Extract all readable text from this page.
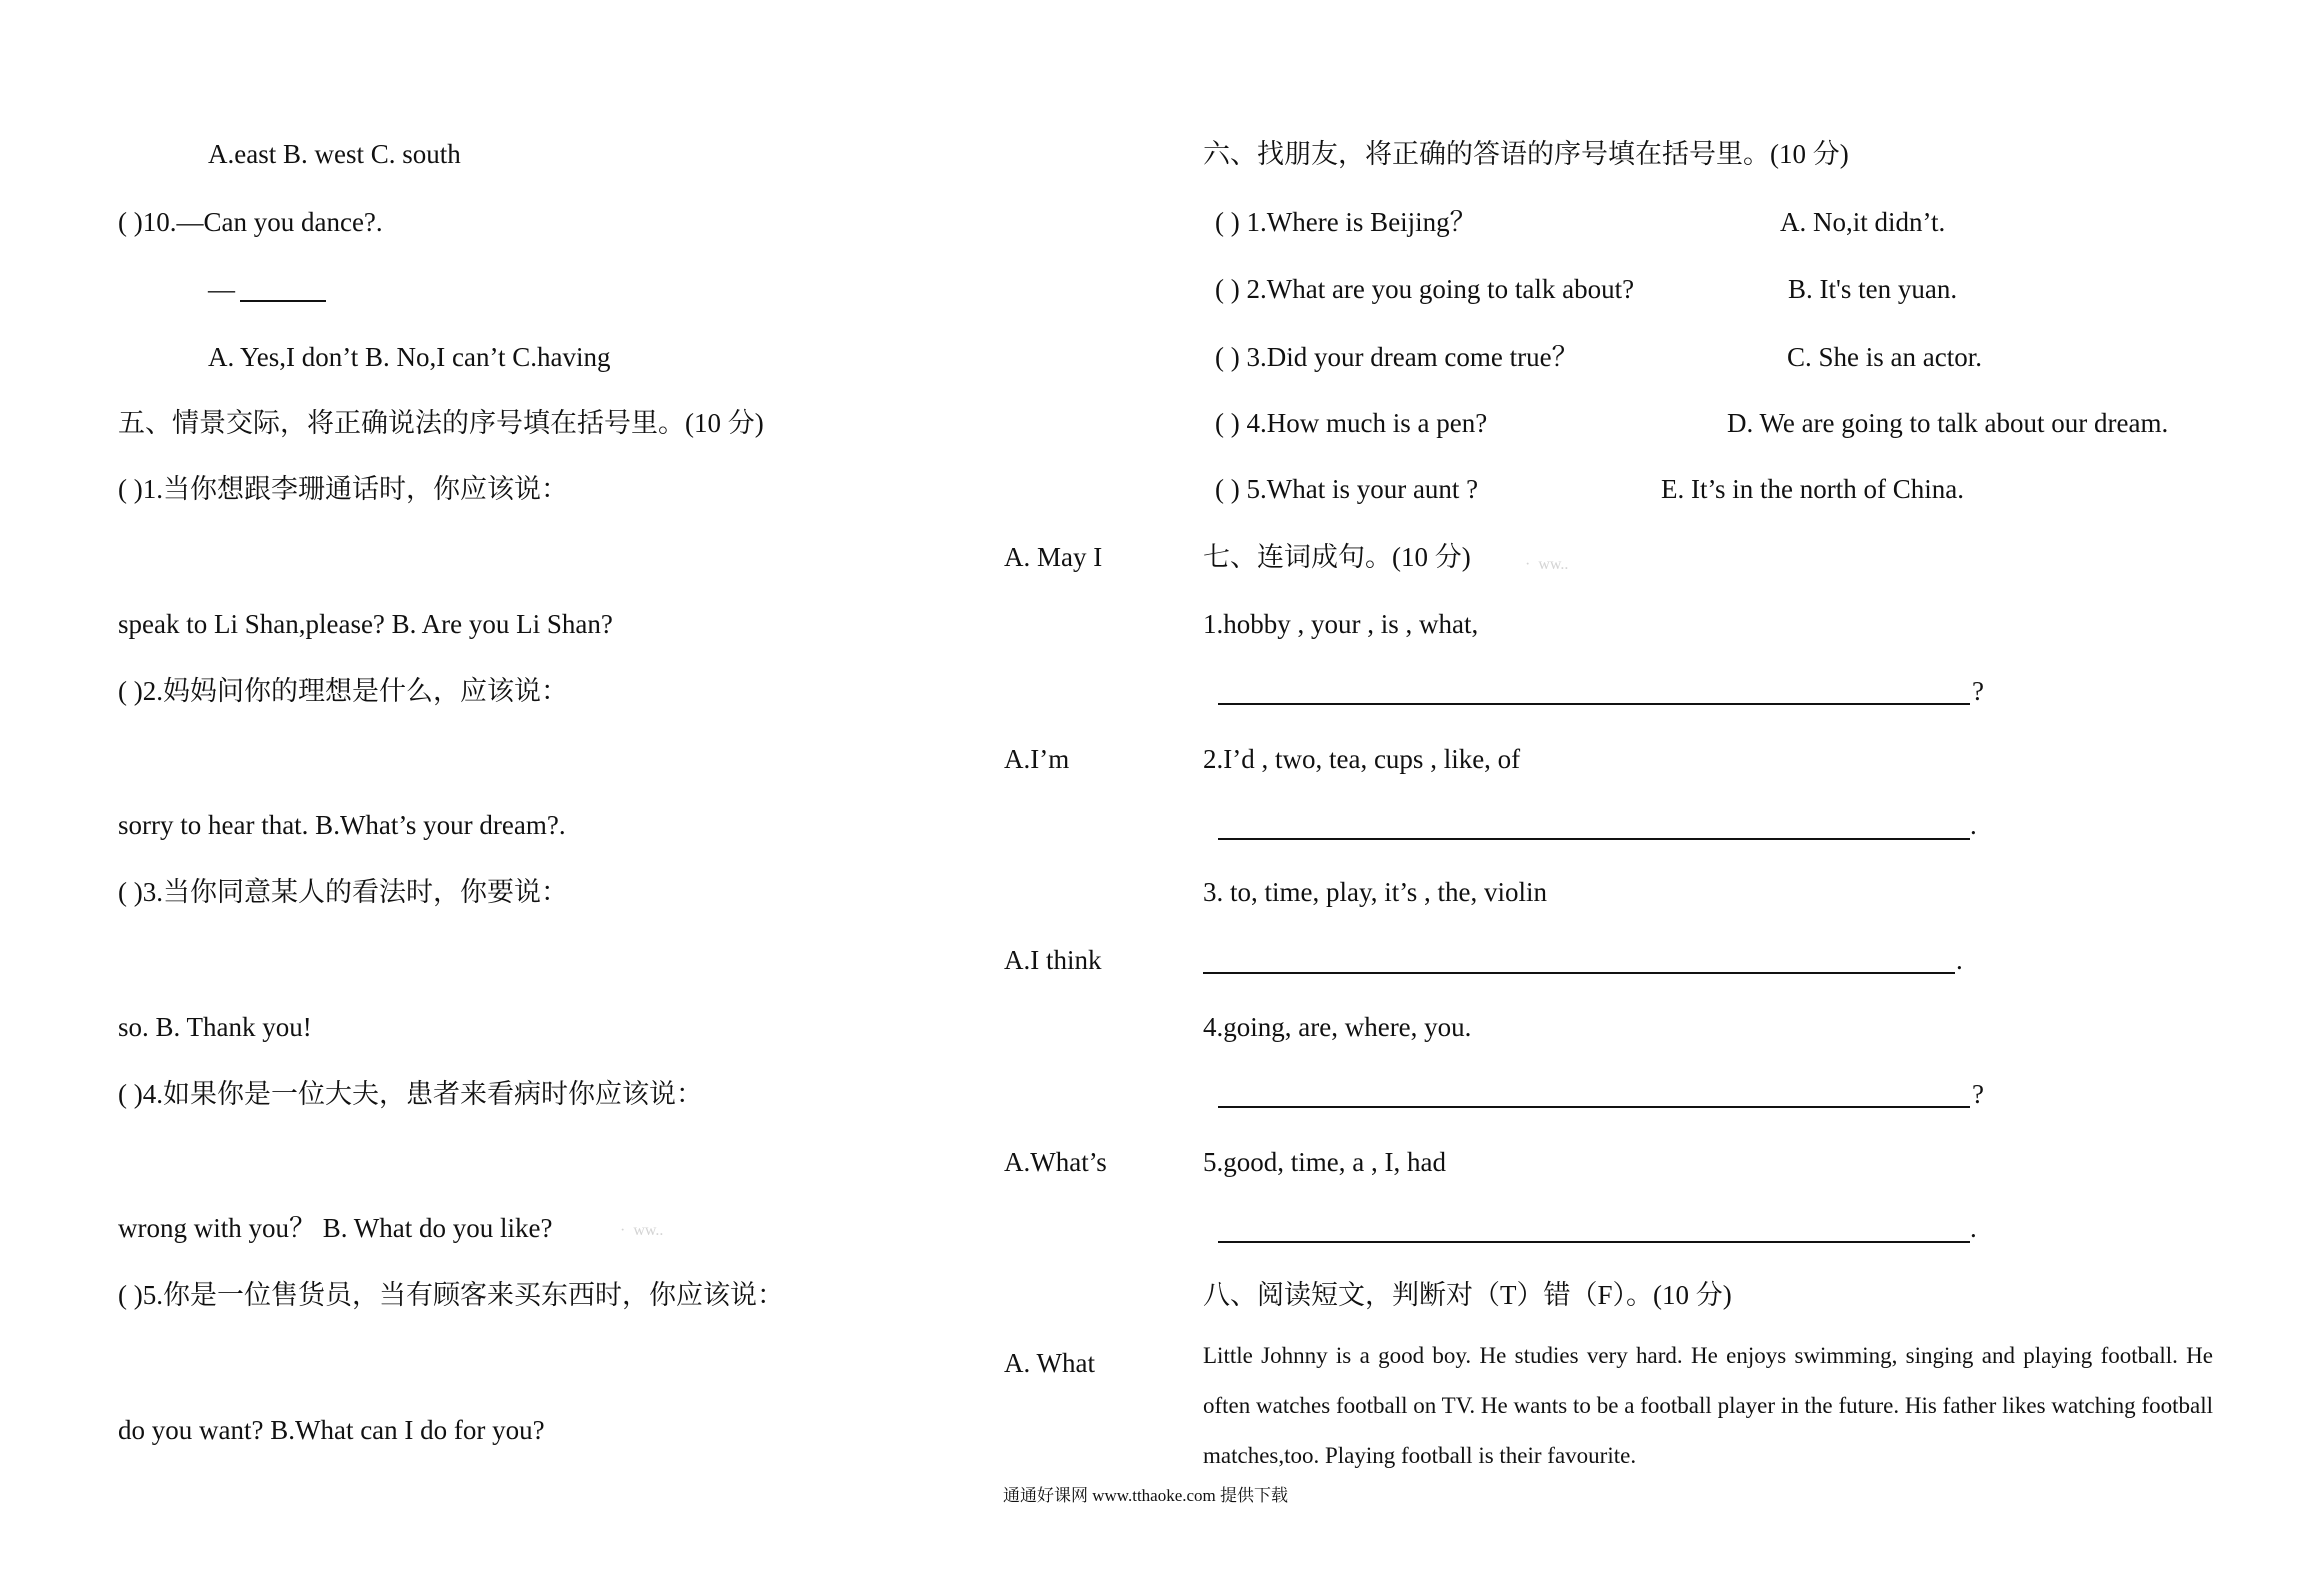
A.east B. west C. south
( )10.—Can you dance?.
—
A. Yes,I don’t B. No,I can’t C.having
五、情景交际，将正确说法的序号填在括号里。(10 分)
( )1.当你想跟李珊通话时，你应该说：
speak to Li Shan,please? B. Are you Li Shan?
( )2.妈妈问你的理想是什么，应该说：
sorry to hear that. B.What’s your dream?.
( )3.当你同意某人的看法时，你要说：
so. B. Thank you!
( )4.如果你是一位大夫，患者来看病时你应该说：
wrong with you？ B. What do you like?	·  ww..
( )5.你是一位售货员，当有顾客来买东西时，你应该说：
do you want? B.What can I do for you?
A. May I
A.I’m
A.I think
A.What’s
A. What
六、找朋友，将正确的答语的序号填在括号里。(10 分)
( ) 1.Where is Beijing？	A. No,it didn’t.
( ) 2.What are you going to talk about?	B. It's ten yuan.
( ) 3.Did your dream come true？	C. She is an actor.
( ) 4.How much is a pen?	D. We are going to talk about our dream.
( ) 5.What is your aunt ?	E. It’s in the north of China.
七、连词成句。(10 分)	·  ww..
1.hobby , your , is , what,
?
2.I’d , two, tea, cups , like, of
.
3. to, time, play, it’s , the, violin
.
4.going, are, where, you.
?
5.good, time, a , I, had
.
八、阅读短文，判断对（T）错（F）。(10 分)
Little Johnny is a good boy. He studies very hard. He enjoys swimming, singing and playing football. He often watches football on TV. He wants to be a football player in the future. His father likes watching football matches,too. Playing football is their favourite.
通通好课网 www.tthaoke.com 提供下载
